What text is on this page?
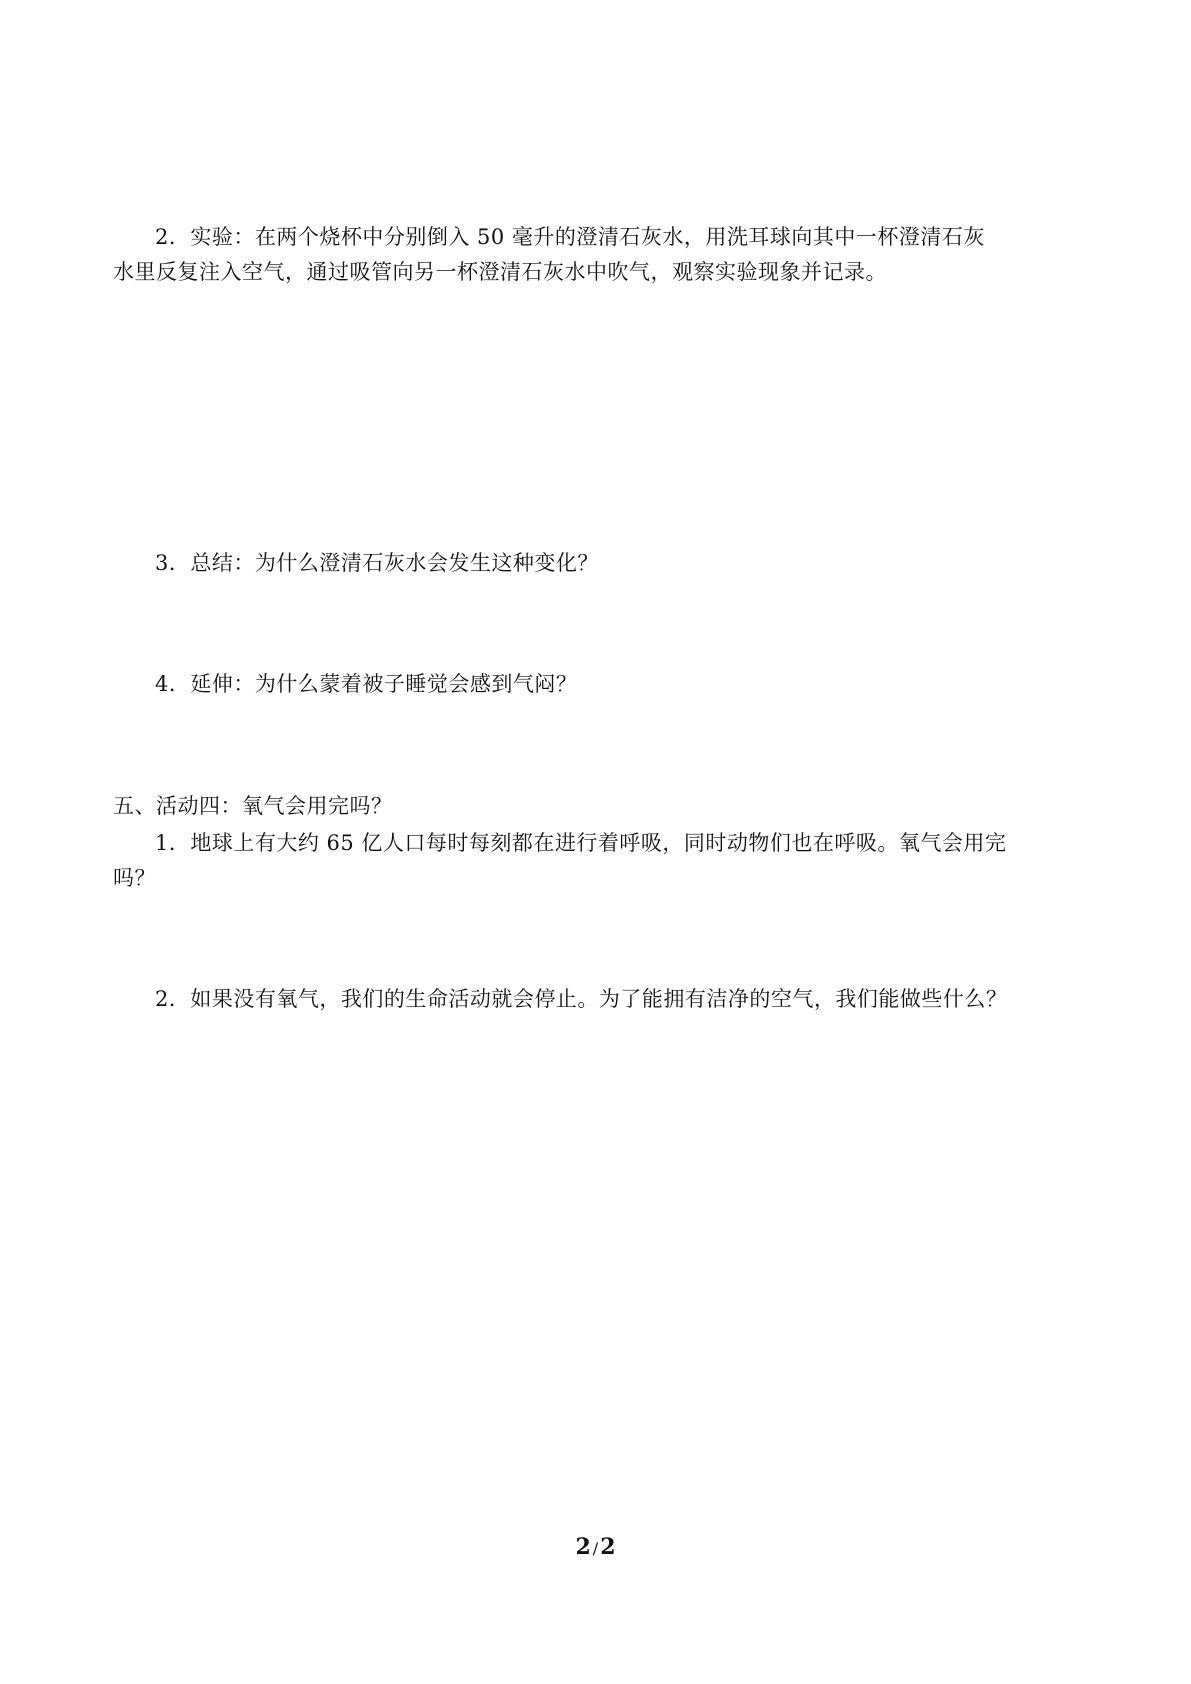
2．实验：在两个烧杯中分别倒入 50 毫升的澄清石灰水，用洗耳球向其中一杯澄清石灰
水里反复注入空气，通过吸管向另一杯澄清石灰水中吹气，观察实验现象并记录。
3．总结：为什么澄清石灰水会发生这种变化？
4．延伸：为什么蒙着被子睡觉会感到气闷？
五、活动四：氧气会用完吗？
1．地球上有大约 65 亿人口每时每刻都在进行着呼吸，同时动物们也在呼吸。氧气会用完
吗？
2．如果没有氧气，我们的生命活动就会停止。为了能拥有洁净的空气，我们能做些什么？
2 /2
